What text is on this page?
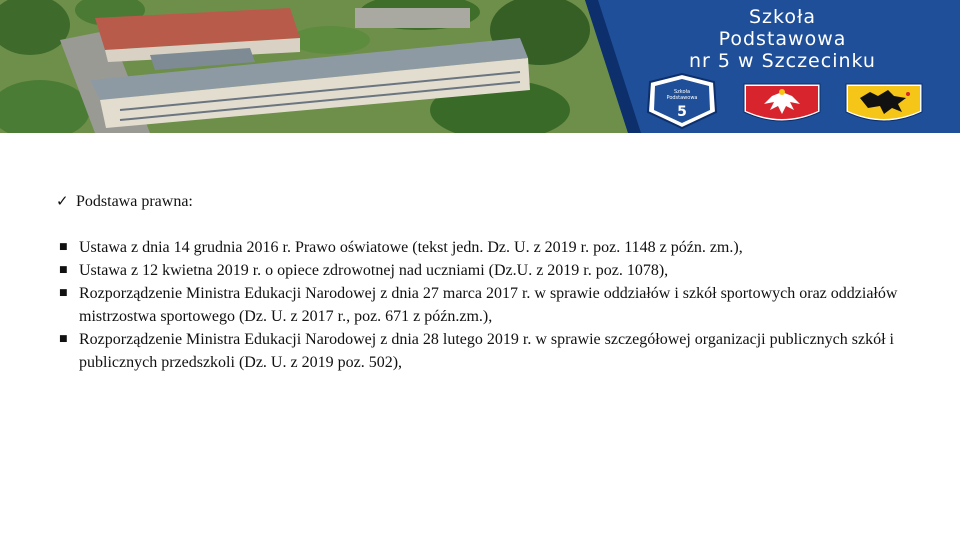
Szkoła
Podstawowa
5
Szkoła
Podstawowa
nr 5 w Szczecinku
✓ Podstawa prawna:
■ Ustawa z dnia 14 grudnia 2016 r. Prawo oświatowe (tekst jedn. Dz. U. z 2019 r. poz. 1148 z późn. zm.),
■ Ustawa z 12 kwietna 2019 r. o opiece zdrowotnej nad uczniami (Dz.U. z 2019 r. poz. 1078),
■ Rozporządzenie Ministra Edukacji Narodowej z dnia 27 marca 2017 r. w sprawie oddziałów i szkół sportowych oraz oddziałów mistrzostwa sportowego (Dz. U. z 2017 r., poz. 671 z późn.zm.),
■ Rozporządzenie Ministra Edukacji Narodowej z dnia 28 lutego 2019 r. w sprawie szczegółowej organizacji publicznych szkół i publicznych przedszkoli (Dz. U. z 2019 poz. 502),
